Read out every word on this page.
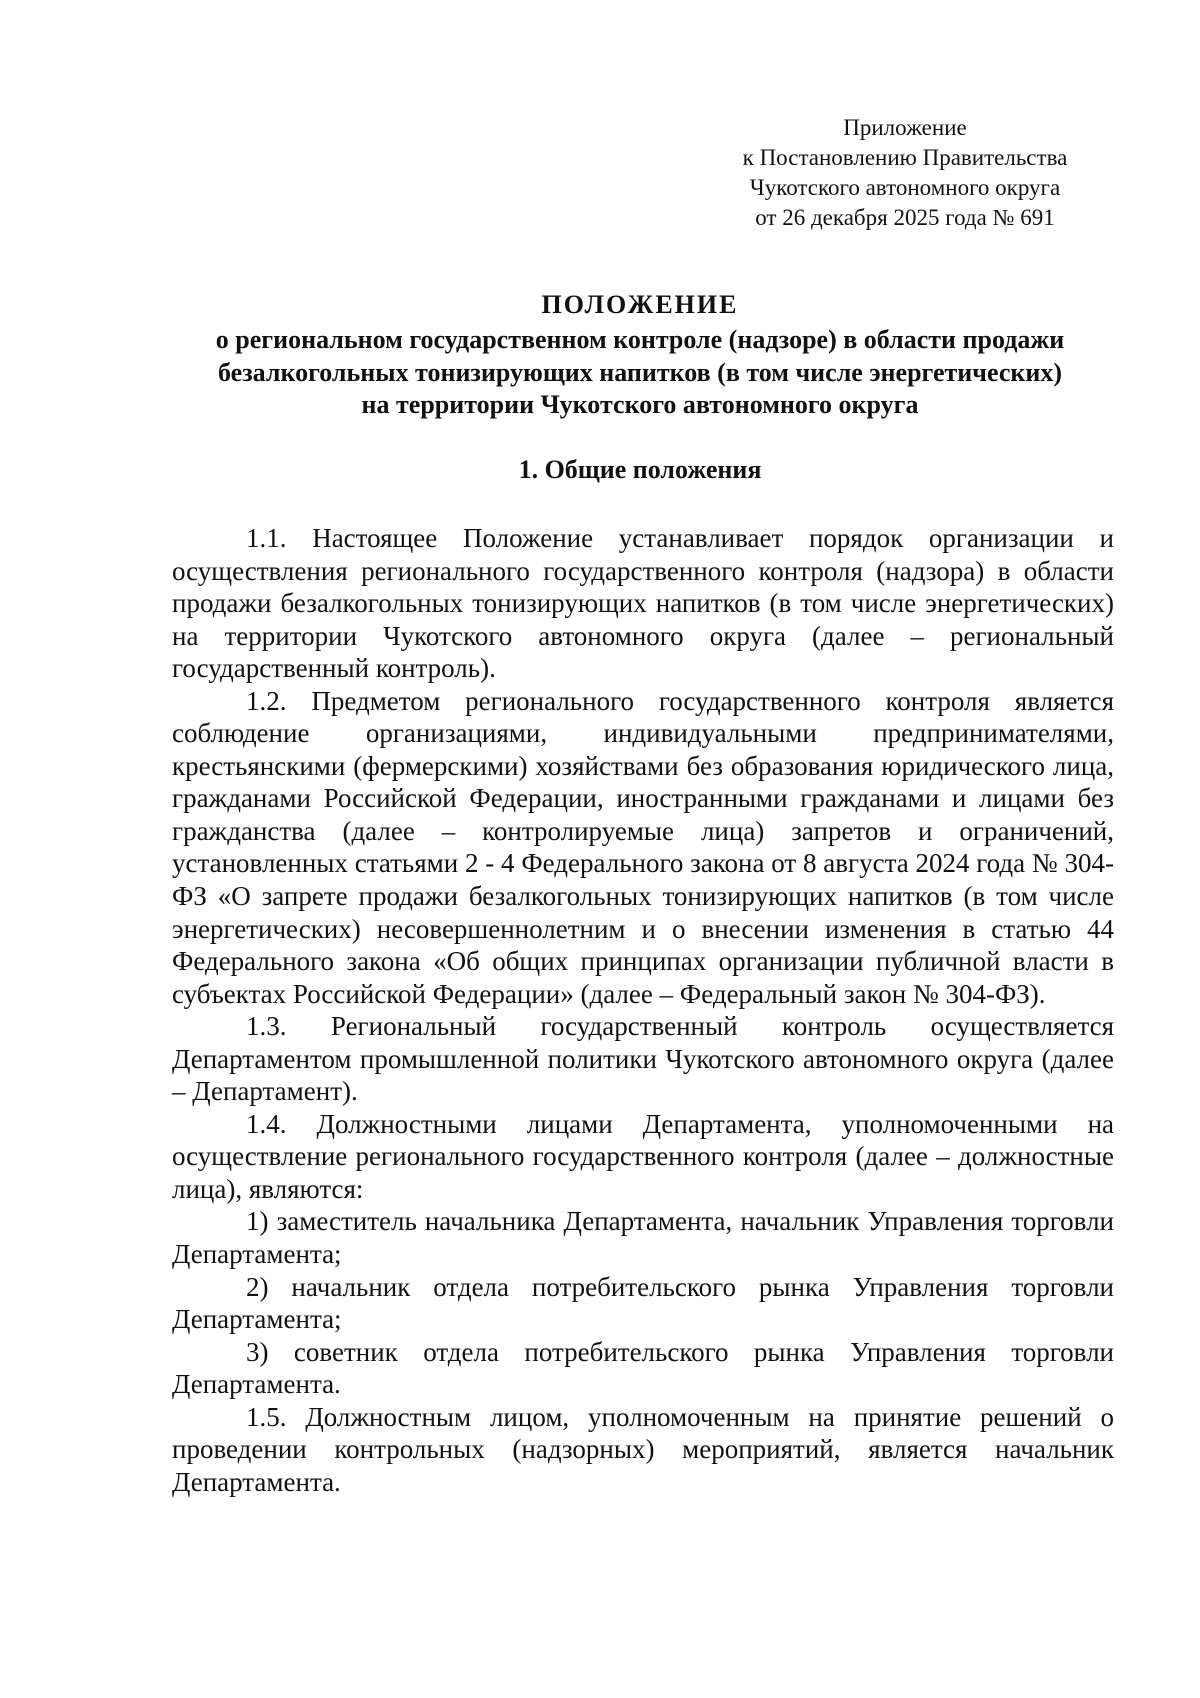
Приложение
к Постановлению Правительства
Чукотского автономного округа
от 26 декабря 2025 года № 691
ПОЛОЖЕНИЕ
о региональном государственном контроле (надзоре) в области продажи
безалкогольных тонизирующих напитков (в том числе энергетических)
на территории Чукотского автономного округа
1. Общие положения

1.1. Настоящее Положение устанавливает порядок организации и осуществления регионального государственного контроля (надзора) в области продажи безалкогольных тонизирующих напитков (в том числе энергетических) на территории Чукотского автономного округа (далее – региональный государственный контроль).

1.2. Предметом регионального государственного контроля является соблюдение организациями, индивидуальными предпринимателями, крестьянскими (фермерскими) хозяйствами без образования юридического лица, гражданами Российской Федерации, иностранными гражданами и лицами без гражданства (далее – контролируемые лица) запретов и ограничений, установленных статьями 2 - 4 Федерального закона от 8 августа 2024 года № 304-ФЗ «О запрете продажи безалкогольных тонизирующих напитков (в том числе энергетических) несовершеннолетним и о внесении изменения в статью 44 Федерального закона «Об общих принципах организации публичной власти в субъектах Российской Федерации» (далее – Федеральный закон № 304-ФЗ).

1.3. Региональный государственный контроль осуществляется Департаментом промышленной политики Чукотского автономного округа (далее – Департамент).

1.4. Должностными лицами Департамента, уполномоченными на осуществление регионального государственного контроля (далее – должностные лица), являются:

1) заместитель начальника Департамента, начальник Управления торговли Департамента;

2) начальник отдела потребительского рынка Управления торговли Департамента;

3) советник отдела потребительского рынка Управления торговли Департамента.

1.5. Должностным лицом, уполномоченным на принятие решений о проведении контрольных (надзорных) мероприятий, является начальник Департамента.
